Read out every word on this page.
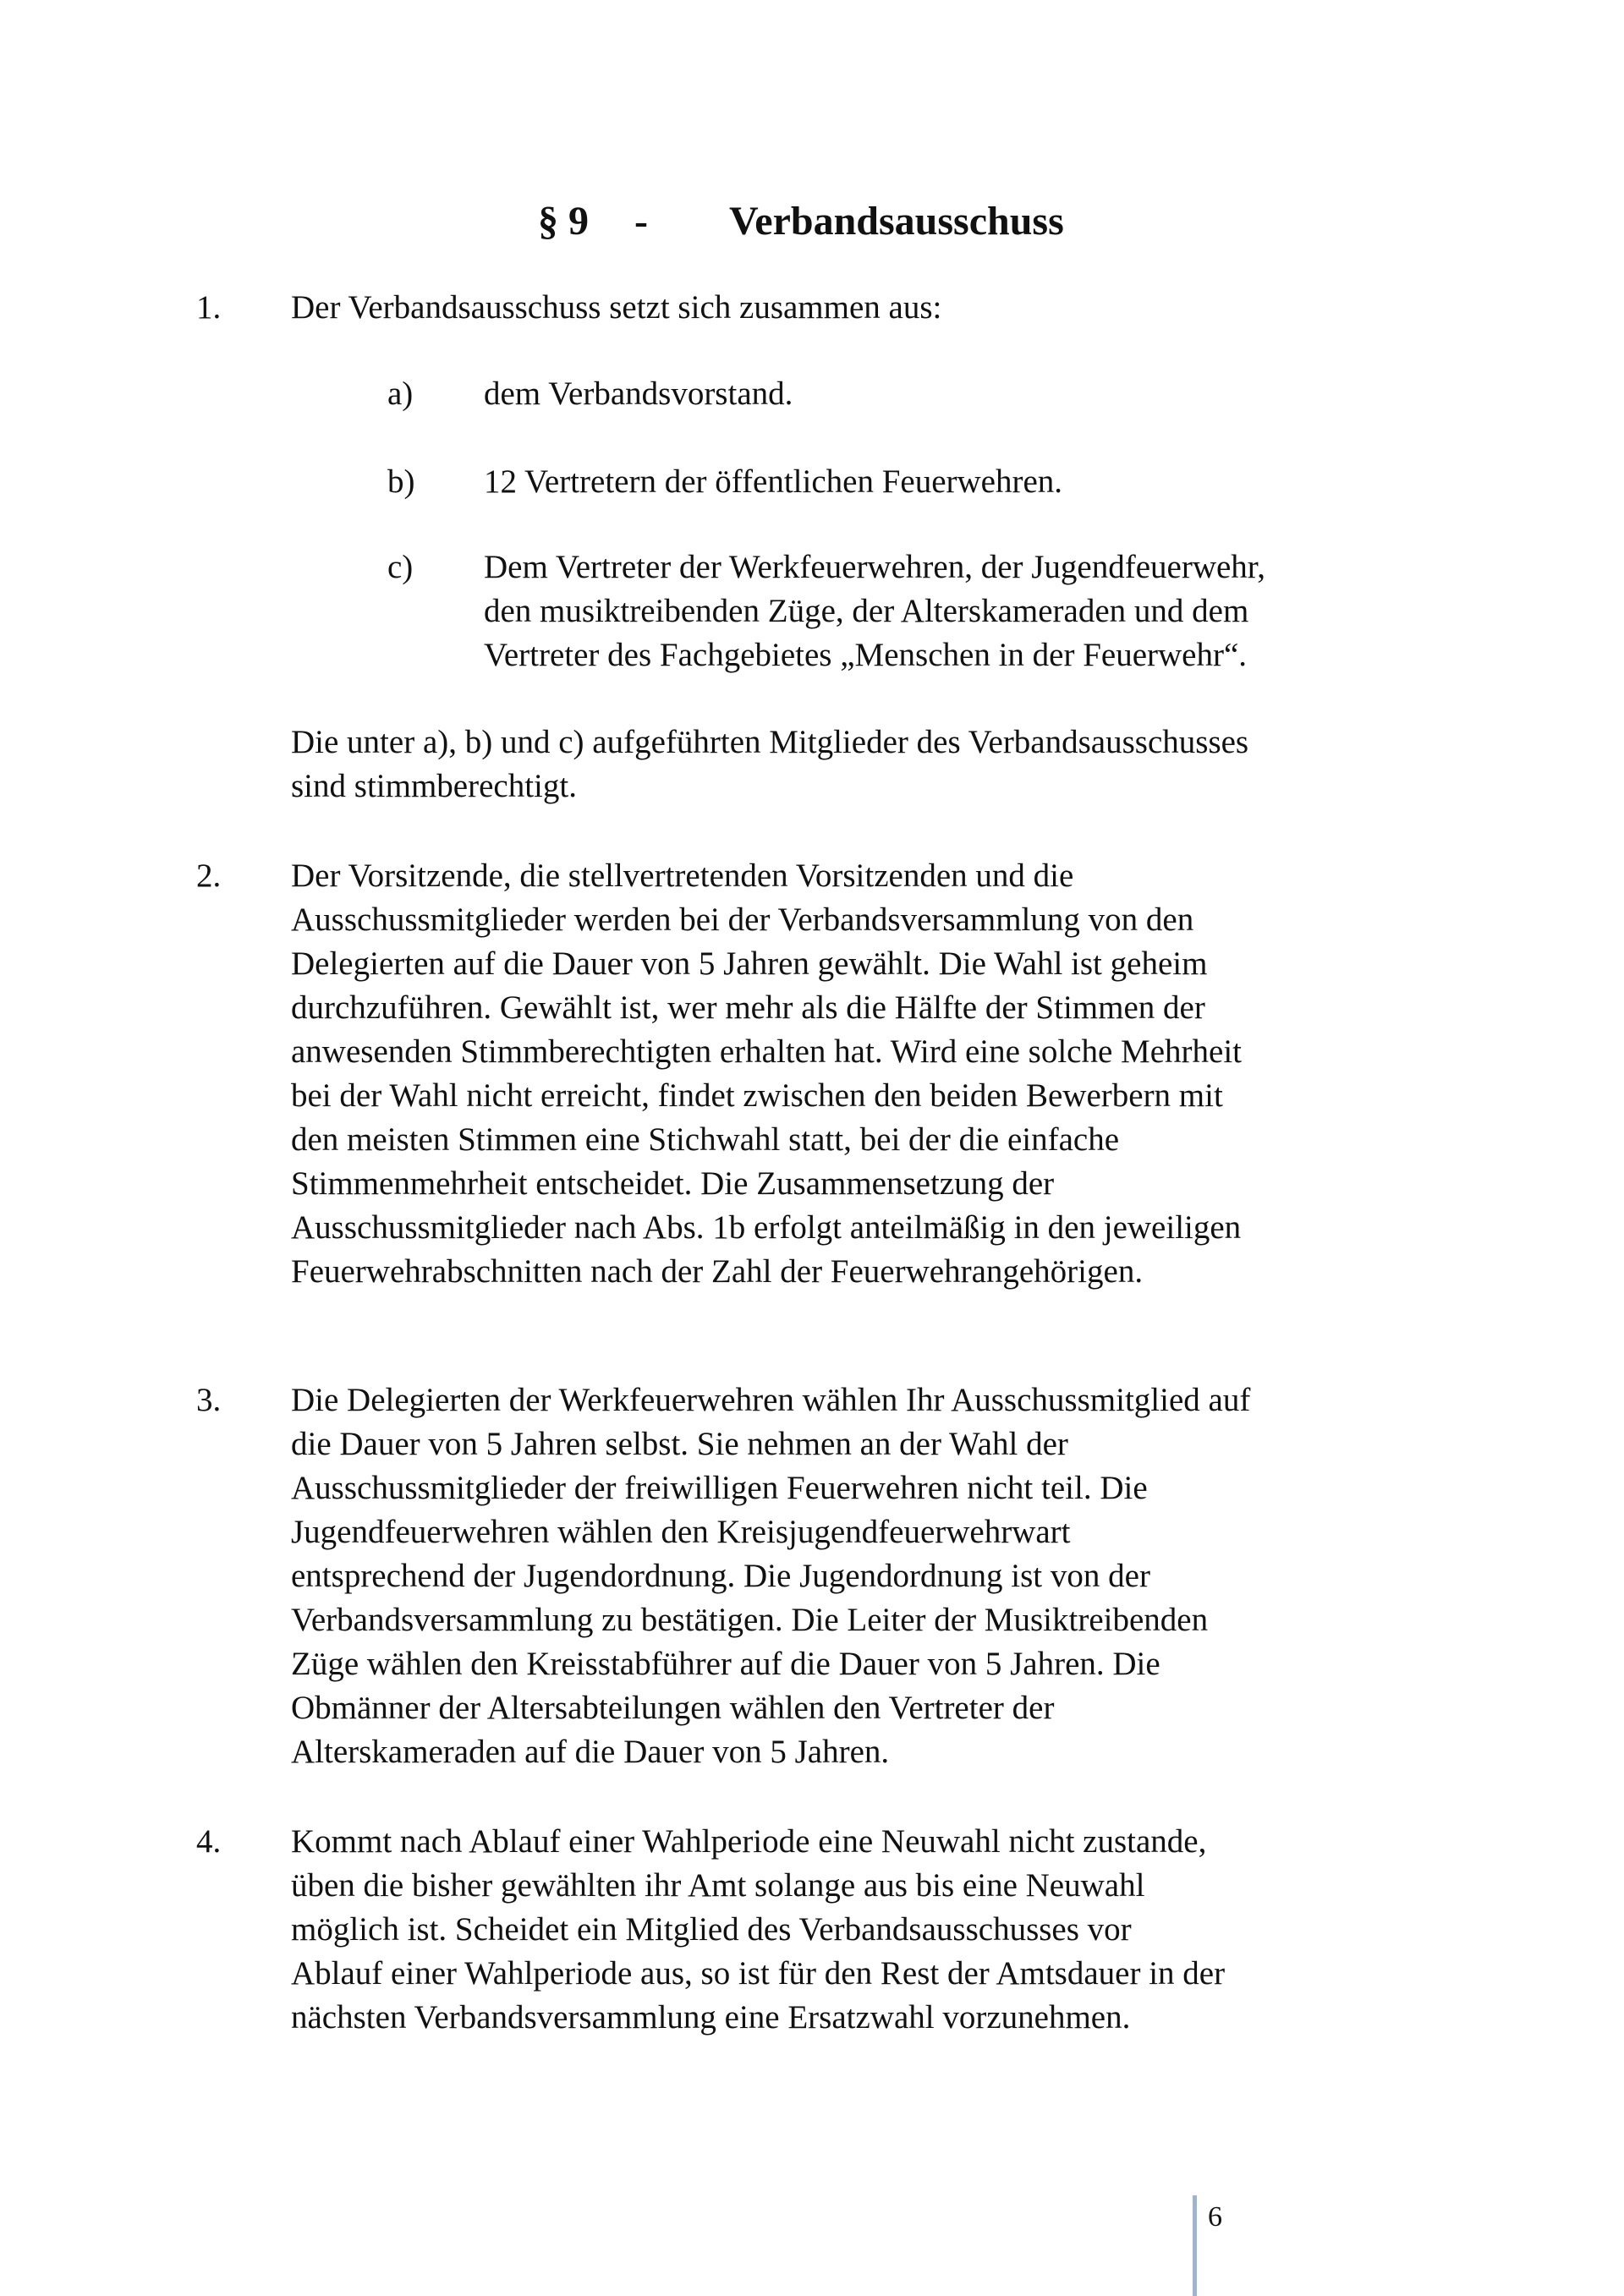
§ 9 - Verbandsausschuss
1. Der Verbandsausschuss setzt sich zusammen aus:
a) dem Verbandsvorstand.
b) 12 Vertretern der öffentlichen Feuerwehren.
c) Dem Vertreter der Werkfeuerwehren, der Jugendfeuerwehr,
den musiktreibenden Züge, der Alterskameraden und dem
Vertreter des Fachgebietes „Menschen in der Feuerwehr“.
Die unter a), b) und c) aufgeführten Mitglieder des Verbandsausschusses
sind stimmberechtigt.
2. Der Vorsitzende, die stellvertretenden Vorsitzenden und die
Ausschussmitglieder werden bei der Verbandsversammlung von den
Delegierten auf die Dauer von 5 Jahren gewählt. Die Wahl ist geheim
durchzuführen. Gewählt ist, wer mehr als die Hälfte der Stimmen der
anwesenden Stimmberechtigten erhalten hat. Wird eine solche Mehrheit
bei der Wahl nicht erreicht, findet zwischen den beiden Bewerbern mit
den meisten Stimmen eine Stichwahl statt, bei der die einfache
Stimmenmehrheit entscheidet. Die Zusammensetzung der
Ausschussmitglieder nach Abs. 1b erfolgt anteilmäßig in den jeweiligen
Feuerwehrabschnitten nach der Zahl der Feuerwehrangehörigen.
3. Die Delegierten der Werkfeuerwehren wählen Ihr Ausschussmitglied auf
die Dauer von 5 Jahren selbst. Sie nehmen an der Wahl der
Ausschussmitglieder der freiwilligen Feuerwehren nicht teil. Die
Jugendfeuerwehren wählen den Kreisjugendfeuerwehrwart
entsprechend der Jugendordnung. Die Jugendordnung ist von der
Verbandsversammlung zu bestätigen. Die Leiter der Musiktreibenden
Züge wählen den Kreisstabführer auf die Dauer von 5 Jahren. Die
Obmänner der Altersabteilungen wählen den Vertreter der
Alterskameraden auf die Dauer von 5 Jahren.
4. Kommt nach Ablauf einer Wahlperiode eine Neuwahl nicht zustande,
üben die bisher gewählten ihr Amt solange aus bis eine Neuwahl
möglich ist. Scheidet ein Mitglied des Verbandsausschusses vor
Ablauf einer Wahlperiode aus, so ist für den Rest der Amtsdauer in der
nächsten Verbandsversammlung eine Ersatzwahl vorzunehmen.
6
